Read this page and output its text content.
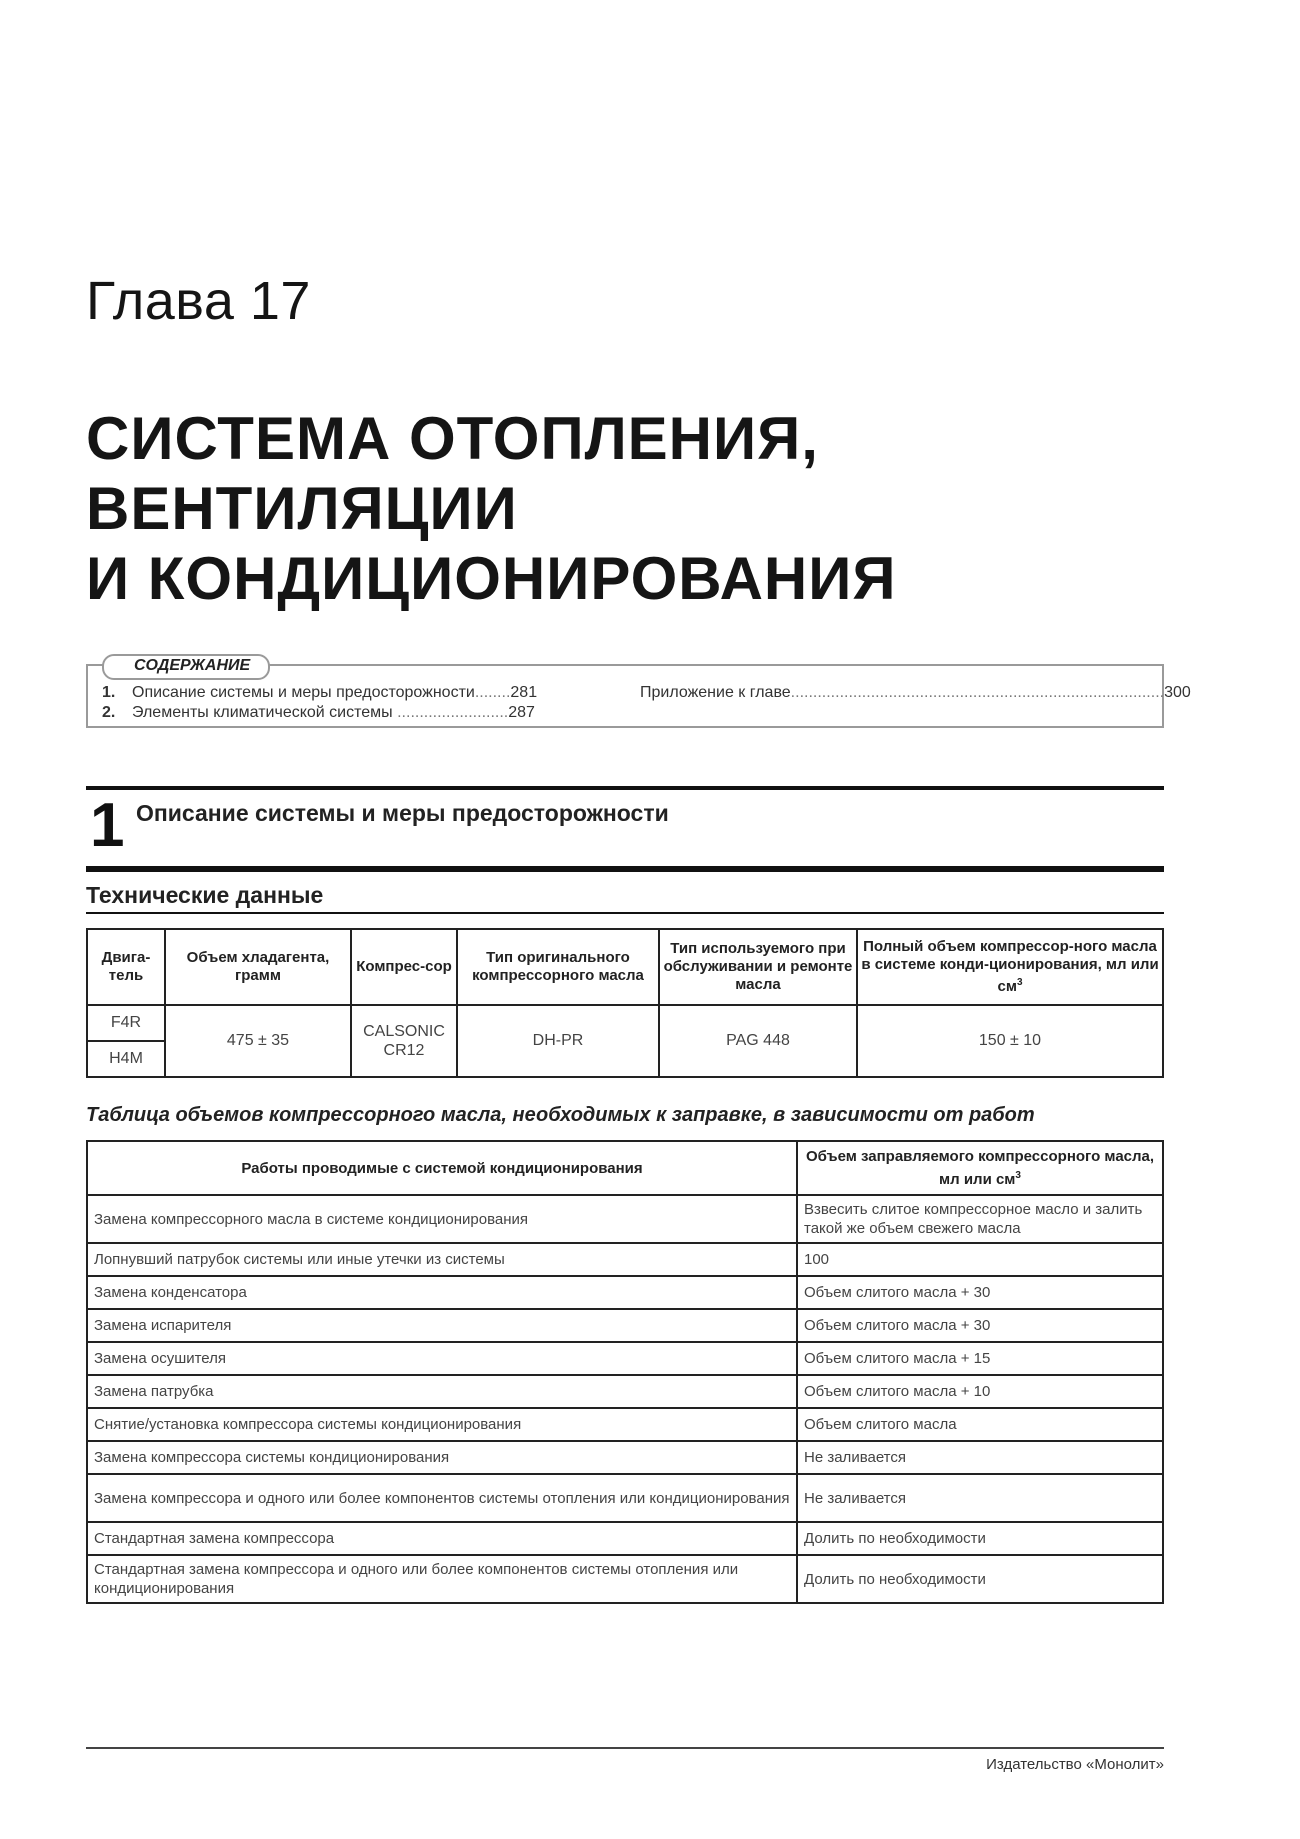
Глава 17
СИСТЕМА ОТОПЛЕНИЯ,
ВЕНТИЛЯЦИИ
И КОНДИЦИОНИРОВАНИЯ
СОДЕРЖАНИЕ
1. Описание системы и меры предосторожности........281
2. Элементы климатической системы .........................287
Приложение к главе....................................................................................300
1 Описание системы и меры предосторожности
Технические данные
Двига-тель	Объем хладагента, грамм	Компрес-сор	Тип оригинального компрессорного масла	Тип используемого при обслуживании и ремонте масла	Полный объем компрессор-ного масла в системе конди-ционирования, мл или $см^3$
F4R	475 ± 35	CALSONIC CR12	DH-PR	PAG 448	150 ± 10
H4M					
Таблица объемов компрессорного масла, необходимых к заправке, в зависимости от работ
Работы проводимые с системой кондиционирования	Объем заправляемого компрессорного масла, мл или $см^3$
Замена компрессорного масла в системе кондиционирования	Взвесить слитое компрессорное масло и залить такой же объем свежего масла
Лопнувший патрубок системы или иные утечки из системы	100
Замена конденсатора	Объем слитого масла + 30
Замена испарителя	Объем слитого масла + 30
Замена осушителя	Объем слитого масла + 15
Замена патрубка	Объем слитого масла + 10
Снятие/установка компрессора системы кондиционирования	Объем слитого масла
Замена компрессора системы кондиционирования	Не заливается
Замена компрессора и одного или более компонентов системы отопления или кондиционирования	Не заливается
Стандартная замена компрессора	Долить по необходимости
Стандартная замена компрессора и одного или более компонентов системы отопления или кондиционирования	Долить по необходимости
Издательство «Монолит»
